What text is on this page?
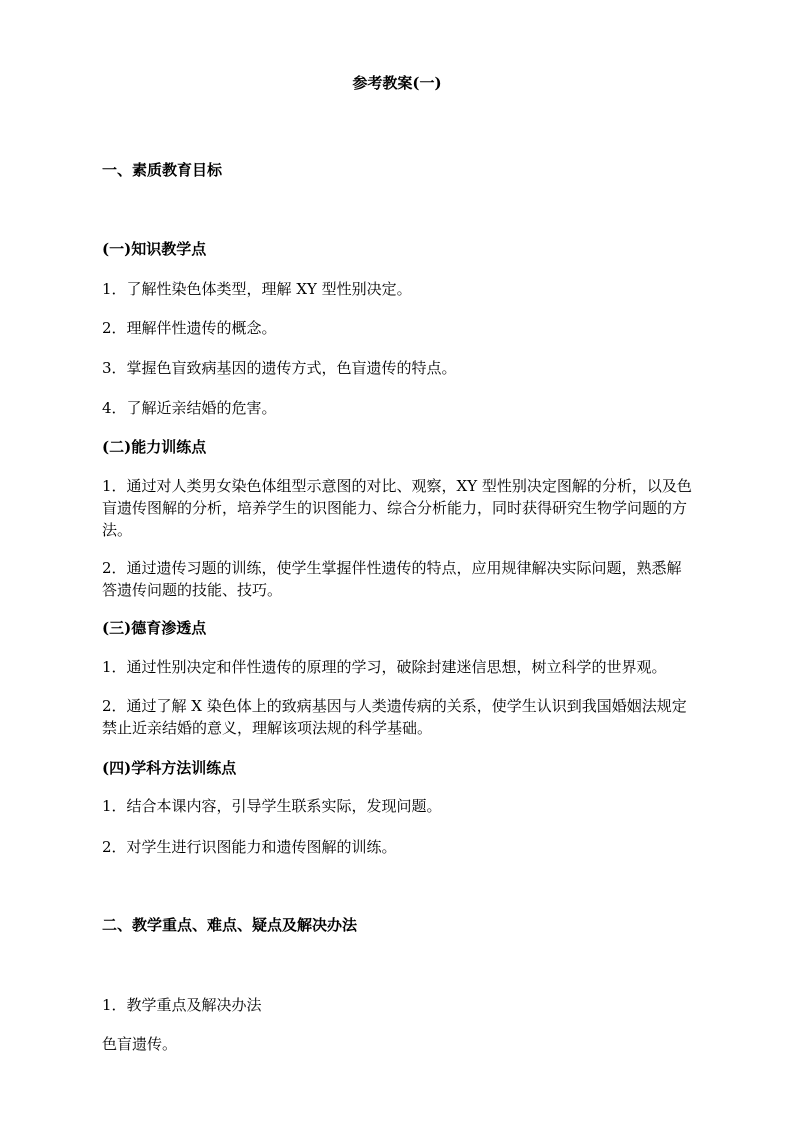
参考教案(一)
一、素质教育目标
(一)知识教学点
1．了解性染色体类型，理解 XY 型性别决定。
2．理解伴性遗传的概念。
3．掌握色盲致病基因的遗传方式，色盲遗传的特点。
4．了解近亲结婚的危害。
(二)能力训练点
1．通过对人类男女染色体组型示意图的对比、观察，XY 型性别决定图解的分析，以及色盲遗传图解的分析，培养学生的识图能力、综合分析能力，同时获得研究生物学问题的方法。
2．通过遗传习题的训练，使学生掌握伴性遗传的特点，应用规律解决实际问题，熟悉解答遗传问题的技能、技巧。
(三)德育渗透点
1．通过性别决定和伴性遗传的原理的学习，破除封建迷信思想，树立科学的世界观。
2．通过了解 X 染色体上的致病基因与人类遗传病的关系，使学生认识到我国婚姻法规定禁止近亲结婚的意义，理解该项法规的科学基础。
(四)学科方法训练点
1．结合本课内容，引导学生联系实际，发现问题。
2．对学生进行识图能力和遗传图解的训练。
二、教学重点、难点、疑点及解决办法
1．教学重点及解决办法
色盲遗传。
